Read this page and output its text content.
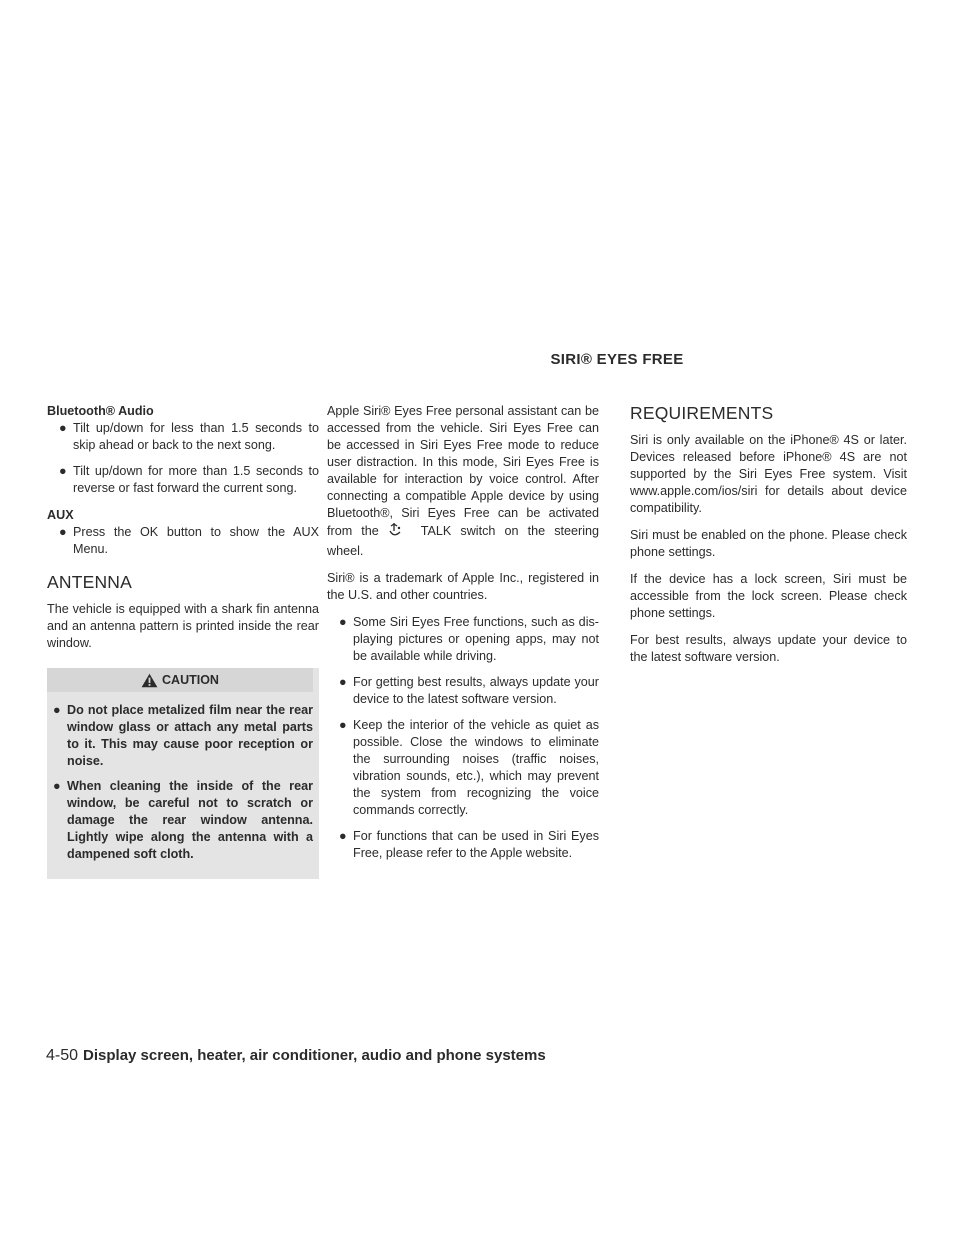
SIRI® EYES FREE

Bluetooth® Audio

● Tilt up/down for less than 1.5 seconds to skip ahead or back to the next song.
● Tilt up/down for more than 1.5 seconds to reverse or fast forward the current song.

AUX

● Press the OK button to show the AUX Menu.
ANTENNA

The vehicle is equipped with a shark fin antenna and an antenna pattern is printed inside the rear window.

CAUTION
● Do not place metalized film near the rear window glass or attach any metal parts to it. This may cause poor reception or noise.
● When cleaning the inside of the rear window, be careful not to scratch or damage the rear window antenna. Lightly wipe along the antenna with a dampened soft cloth.

Apple Siri® Eyes Free personal assistant can be accessed from the vehicle. Siri Eyes Free can be accessed in Siri Eyes Free mode to reduce user distraction. In this mode, Siri Eyes Free is available for interaction by voice control. After connecting a compatible Apple device by using Bluetooth®, Siri Eyes Free can be activated from the	TALK switch on the steering wheel.

Siri® is a trademark of Apple Inc., registered in the U.S. and other countries.

● Some Siri Eyes Free functions, such as displaying pictures or opening apps, may not be available while driving.
● For getting best results, always update your device to the latest software version.
● Keep the interior of the vehicle as quiet as possible. Close the windows to eliminate the surrounding noises (traffic noises, vibration sounds, etc.), which may prevent the system from recognizing the voice commands correctly.
● For functions that can be used in Siri Eyes Free, please refer to the Apple website.
REQUIREMENTS

Siri is only available on the iPhone® 4S or later. Devices released before iPhone® 4S are not supported by the Siri Eyes Free system. Visit www.apple.com/ios/siri for details about device compatibility.

Siri must be enabled on the phone. Please check phone settings.

If the device has a lock screen, Siri must be accessible from the lock screen. Please check phone settings.

For best results, always update your device to the latest software version.

4-50 Display screen, heater, air conditioner, audio and phone systems
